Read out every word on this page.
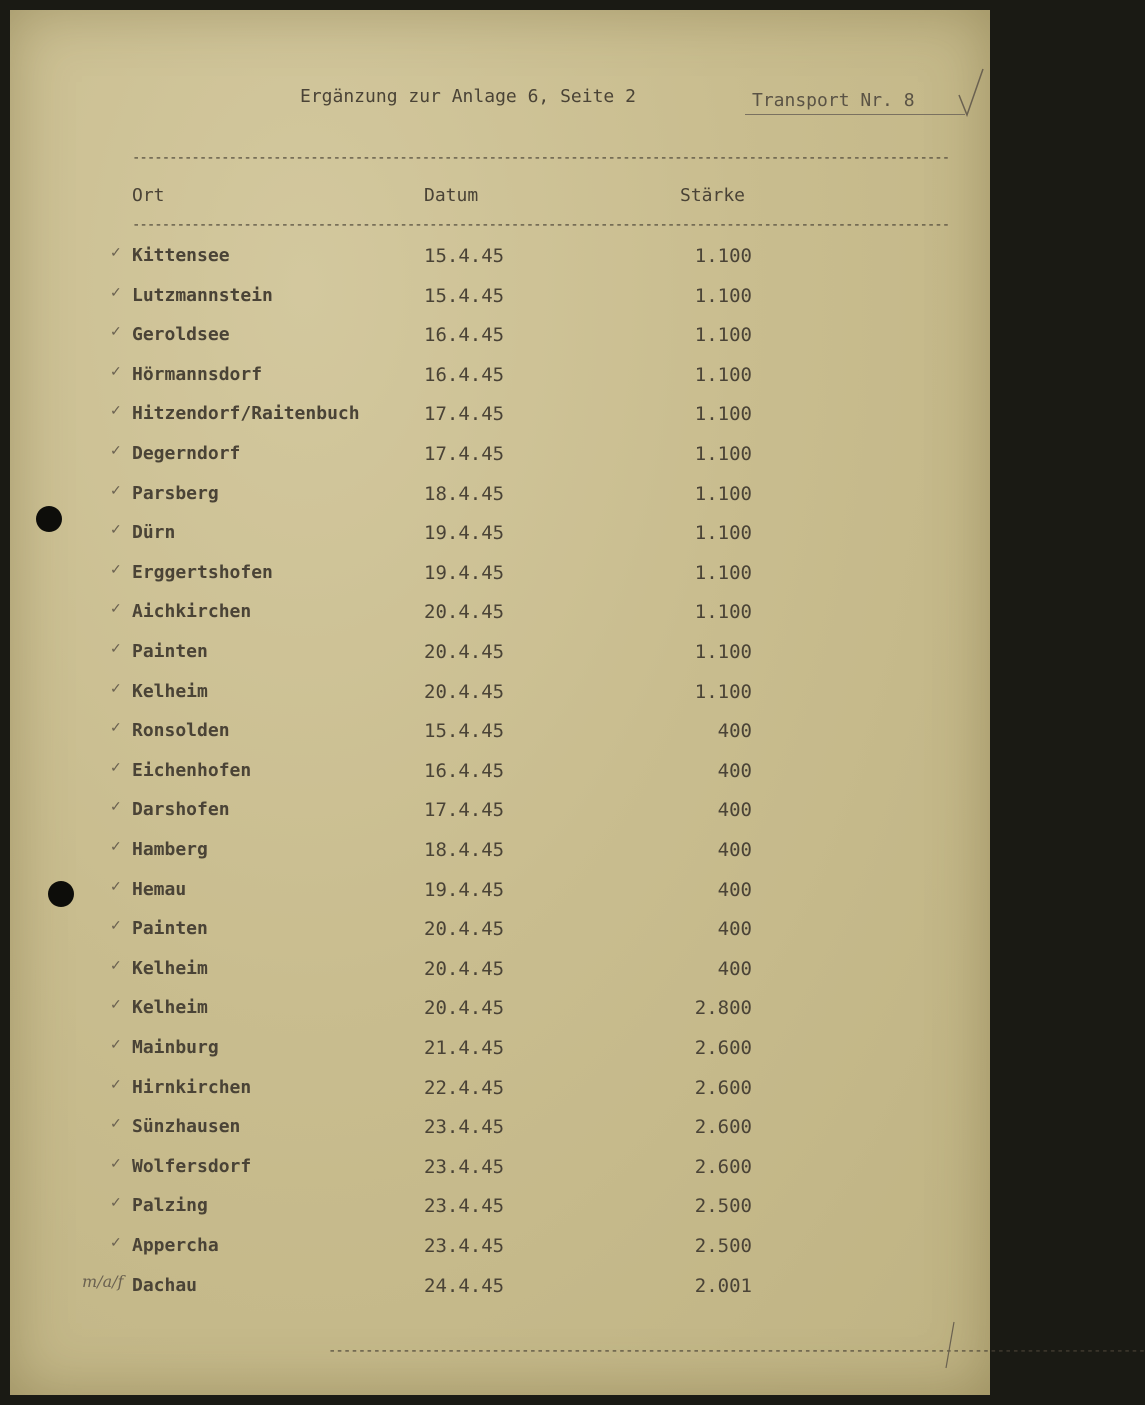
Ergänzung zur Anlage 6, Seite 2	Transport Nr. 8
--------------------------------------------------------------------------------------------------------------
Ort	Datum	Stärke
--------------------------------------------------------------------------------------------------------------
✓ Kittensee	15.4.45	1.100
✓ Lutzmannstein	15.4.45	1.100
✓ Geroldsee	16.4.45	1.100
✓ Hörmannsdorf	16.4.45	1.100
✓ Hitzendorf/Raitenbuch	17.4.45	1.100
✓ Degerndorf	17.4.45	1.100
✓ Parsberg	18.4.45	1.100
✓ Dürn	19.4.45	1.100
✓ Erggertshofen	19.4.45	1.100
✓ Aichkirchen	20.4.45	1.100
✓ Painten	20.4.45	1.100
✓ Kelheim	20.4.45	1.100
✓ Ronsolden	15.4.45	400
✓ Eichenhofen	16.4.45	400
✓ Darshofen	17.4.45	400
✓ Hamberg	18.4.45	400
✓ Hemau	19.4.45	400
✓ Painten	20.4.45	400
✓ Kelheim	20.4.45	400
✓ Kelheim	20.4.45	2.800
✓ Mainburg	21.4.45	2.600
✓ Hirnkirchen	22.4.45	2.600
✓ Sünzhausen	23.4.45	2.600
✓ Wolfersdorf	23.4.45	2.600
✓ Palzing	23.4.45	2.500
✓ Appercha	23.4.45	2.500
Dachau	24.4.45	2.001
m/a/f
--------------------------------------------------------------------------------------------------------------
